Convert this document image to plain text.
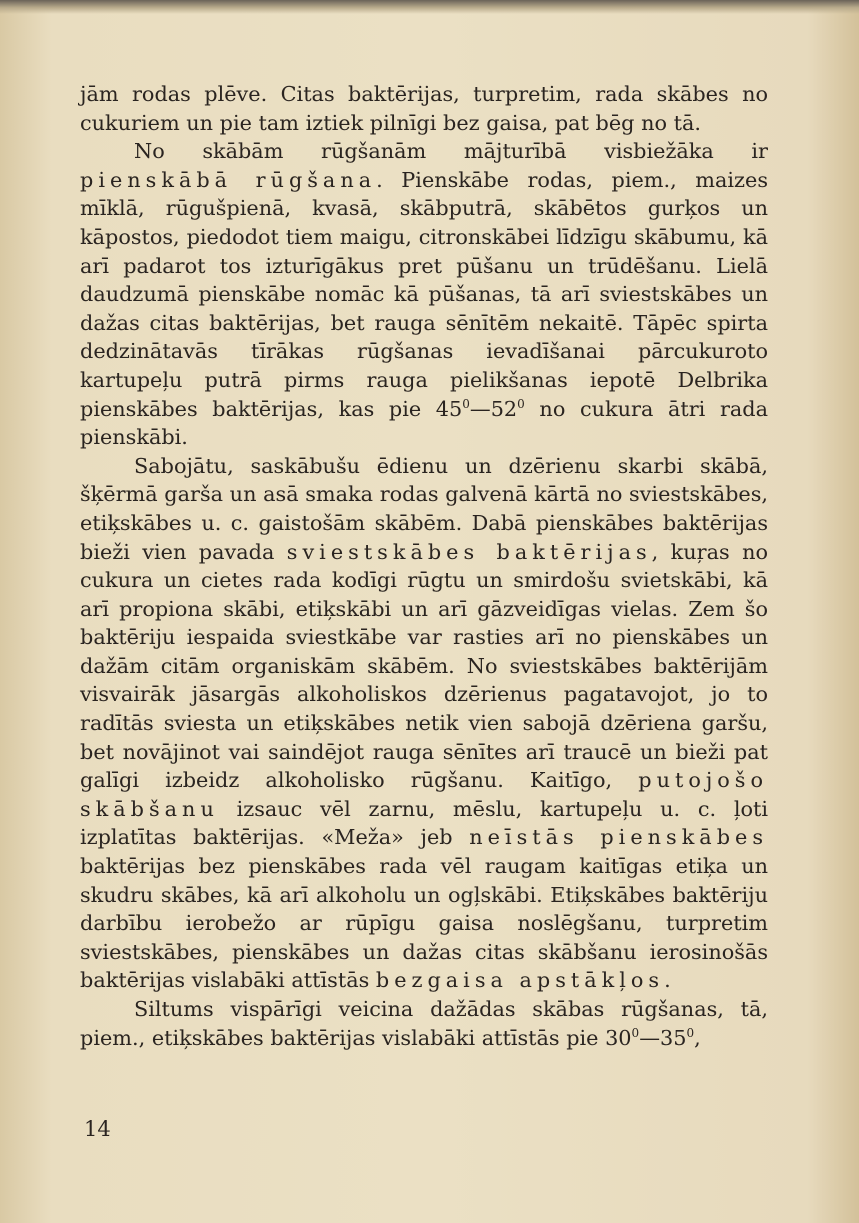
jām rodas plēve. Citas baktērijas, turpretim, rada skābes no cukuriem un pie tam iztiek pilnīgi bez gaisa, pat bēg no tā.

No skābām rūgšanām mājturībā visbiežāka ir pienskābā rūgšana. Pienskābe rodas, piem., maizes mīklā, rūgušpienā, kvasā, skābputrā, skābētos gurķos un kāpostos, piedodot tiem maigu, citronskābei līdzīgu skābumu, kā arī padarot tos izturīgākus pret pūšanu un trūdēšanu. Lielā daudzumā pienskābe nomāc kā pūšanas, tā arī sviestskābes un dažas citas baktērijas, bet rauga sēnītēm nekaitē. Tāpēc spirta dedzinātavās tīrākas rūgšanas ievadīšanai pārcukuroto kartupeļu putrā pirms rauga pielikšanas iepotē Delbrika pienskābes baktērijas, kas pie $45^0—52^0$ no cukura ātri rada pienskābi.

Sabojātu, saskābušu ēdienu un dzērienu skarbi skābā, šķērmā garša un asā smaka rodas galvenā kārtā no sviestskābes, etiķskābes u. c. gaistošām skābēm. Dabā pienskābes baktērijas bieži vien pavada sviestskābes baktērijas, kuŗas no cukura un cietes rada kodīgi rūgtu un smirdošu svietskābi, kā arī propiona skābi, etiķskābi un arī gāzveidīgas vielas. Zem šo baktēriju iespaida sviestkābe var rasties arī no pienskābes un dažām citām organiskām skābēm. No sviestskābes baktērijām visvairāk jāsargās alkoholiskos dzērienus pagatavojot, jo to radītās sviesta un etiķskābes netik vien sabojā dzēriena garšu, bet novājinot vai saindējot rauga sēnītes arī traucē un bieži pat galīgi izbeidz alkoholisko rūgšanu. Kaitīgo, putojošo skābšanu izsauc vēl zarnu, mēslu, kartupeļu u. c. ļoti izplatītas baktērijas. «Meža» jeb neīstās pienskābes baktērijas bez pienskābes rada vēl raugam kaitīgas etiķa un skudru skābes, kā arī alkoholu un ogļskābi. Etiķskābes baktēriju darbību ierobežo ar rūpīgu gaisa noslēgšanu, turpretim sviestskābes, pienskābes un dažas citas skābšanu ierosinošās baktērijas vislabāki attīstās bezgaisa apstākļos.

Siltums vispārīgi veicina dažādas skābas rūgšanas, tā, piem., etiķskābes baktērijas vislabāki attīstās pie $30^0—35^0$,

14
